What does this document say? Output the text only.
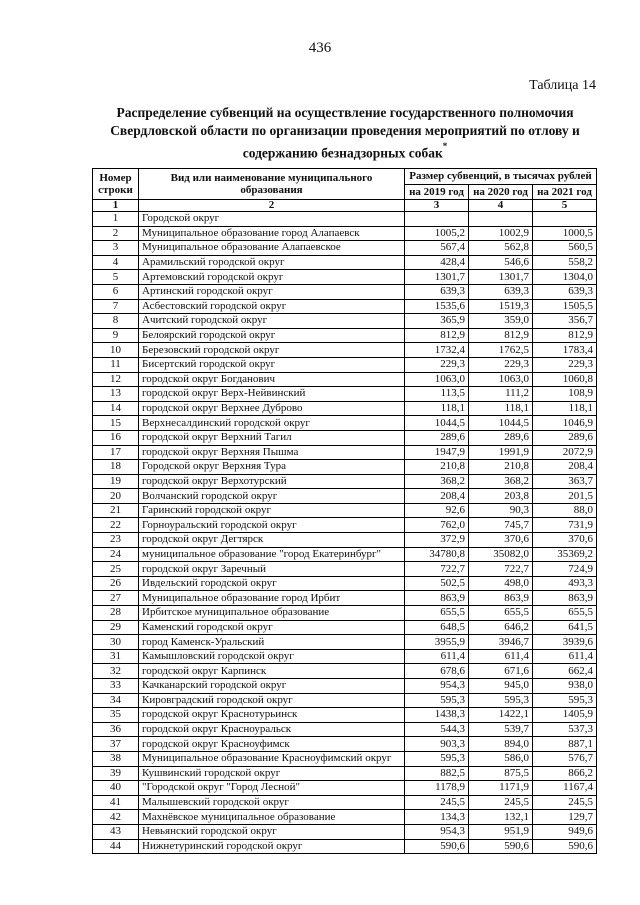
436
Таблица 14
Распределение субвенций на осуществление государственного полномочия
Свердловской области по организации проведения мероприятий по отлову и
содержанию безнадзорных собак*
Номер строки	Вид или наименование муниципального образования	Размер субвенций, в тысячах рублей		
		на 2019 год	на 2020 год	на 2021 год
1	2	3	4	5
1	Городской округ			
2	Муниципальное образование город Алапаевск	1005,2	1002,9	1000,5
3	Муниципальное образование Алапаевское	567,4	562,8	560,5
4	Арамильский городской округ	428,4	546,6	558,2
5	Артемовский городской округ	1301,7	1301,7	1304,0
6	Артинский городской округ	639,3	639,3	639,3
7	Асбестовский городской округ	1535,6	1519,3	1505,5
8	Ачитский городской округ	365,9	359,0	356,7
9	Белоярский городской округ	812,9	812,9	812,9
10	Березовский городской округ	1732,4	1762,5	1783,4
11	Бисертский городской округ	229,3	229,3	229,3
12	городской округ Богданович	1063,0	1063,0	1060,8
13	городской округ Верх-Нейвинский	113,5	111,2	108,9
14	городской округ Верхнее Дуброво	118,1	118,1	118,1
15	Верхнесалдинский городской округ	1044,5	1044,5	1046,9
16	городской округ Верхний Тагил	289,6	289,6	289,6
17	городской округ Верхняя Пышма	1947,9	1991,9	2072,9
18	Городской округ Верхняя Тура	210,8	210,8	208,4
19	городской округ Верхотурский	368,2	368,2	363,7
20	Волчанский городской округ	208,4	203,8	201,5
21	Гаринский городской округ	92,6	90,3	88,0
22	Горноуральский городской округ	762,0	745,7	731,9
23	городской округ Дегтярск	372,9	370,6	370,6
24	муниципальное образование "город Екатеринбург"	34780,8	35082,0	35369,2
25	городской округ Заречный	722,7	722,7	724,9
26	Ивдельский городской округ	502,5	498,0	493,3
27	Муниципальное образование город Ирбит	863,9	863,9	863,9
28	Ирбитское муниципальное образование	655,5	655,5	655,5
29	Каменский городской округ	648,5	646,2	641,5
30	город Каменск-Уральский	3955,9	3946,7	3939,6
31	Камышловский городской округ	611,4	611,4	611,4
32	городской округ Карпинск	678,6	671,6	662,4
33	Качканарский городской округ	954,3	945,0	938,0
34	Кировградский городской округ	595,3	595,3	595,3
35	городской округ Краснотурьинск	1438,3	1422,1	1405,9
36	городской округ Красноуральск	544,3	539,7	537,3
37	городской округ Красноуфимск	903,3	894,0	887,1
38	Муниципальное образование Красноуфимский округ	595,3	586,0	576,7
39	Кушвинский городской округ	882,5	875,5	866,2
40	"Городской округ "Город Лесной"	1178,9	1171,9	1167,4
41	Малышевский городской округ	245,5	245,5	245,5
42	Махнёвское муниципальное образование	134,3	132,1	129,7
43	Невьянский городской округ	954,3	951,9	949,6
44	Нижнетуринский городской округ	590,6	590,6	590,6
